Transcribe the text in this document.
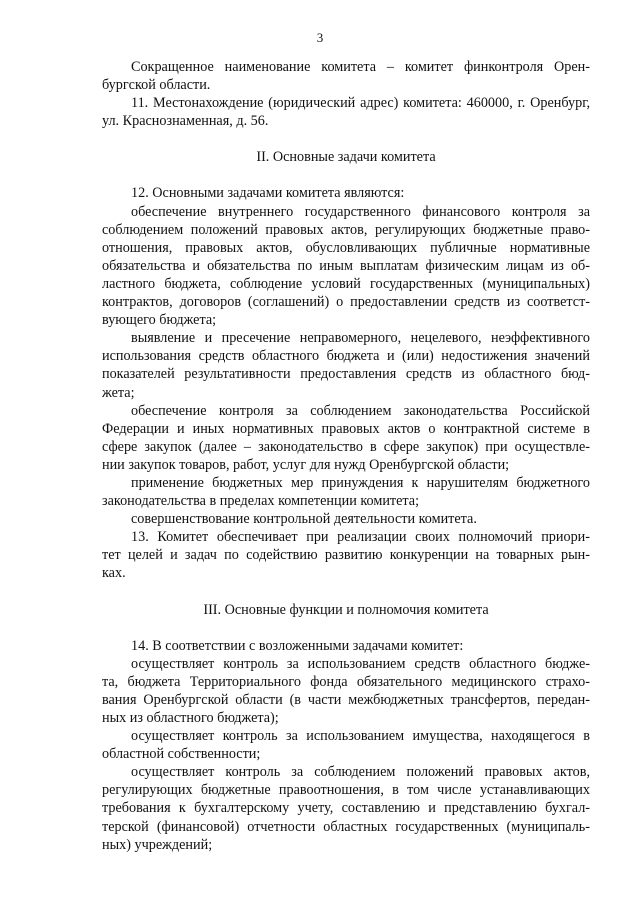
3
Сокращенное наименование комитета – комитет финконтроля Орен-
бургской области.
11. Местонахождение (юридический адрес) комитета: 460000, г. Оренбург,
ул. Краснознаменная, д. 56.
II. Основные задачи комитета
12. Основными задачами комитета являются:
обеспечение внутреннего государственного финансового контроля за
соблюдением положений правовых актов, регулирующих бюджетные право-
отношения, правовых актов, обусловливающих публичные нормативные
обязательства и обязательства по иным выплатам физическим лицам из об-
ластного бюджета, соблюдение условий государственных (муниципальных)
контрактов, договоров (соглашений) о предоставлении средств из соответст-
вующего бюджета;
выявление и пресечение неправомерного, нецелевого, неэффективного
использования средств областного бюджета и (или) недостижения значений
показателей результативности предоставления средств из областного бюд-
жета;
обеспечение контроля за соблюдением законодательства Российской
Федерации и иных нормативных правовых актов о контрактной системе в
сфере закупок (далее – законодательство в сфере закупок) при осуществле-
нии закупок товаров, работ, услуг для нужд Оренбургской области;
применение бюджетных мер принуждения к нарушителям бюджетного
законодательства в пределах компетенции комитета;
совершенствование контрольной деятельности комитета.
13. Комитет обеспечивает при реализации своих полномочий приори-
тет целей и задач по содействию развитию конкуренции на товарных рын-
ках.
III. Основные функции и полномочия комитета
14. В соответствии с возложенными задачами комитет:
осуществляет контроль за использованием средств областного бюдже-
та, бюджета Территориального фонда обязательного медицинского страхо-
вания Оренбургской области (в части межбюджетных трансфертов, передан-
ных из областного бюджета);
осуществляет контроль за использованием имущества, находящегося в
областной собственности;
осуществляет контроль за соблюдением положений правовых актов,
регулирующих бюджетные правоотношения, в том числе устанавливающих
требования к бухгалтерскому учету, составлению и представлению бухгал-
терской (финансовой) отчетности областных государственных (муниципаль-
ных) учреждений;
